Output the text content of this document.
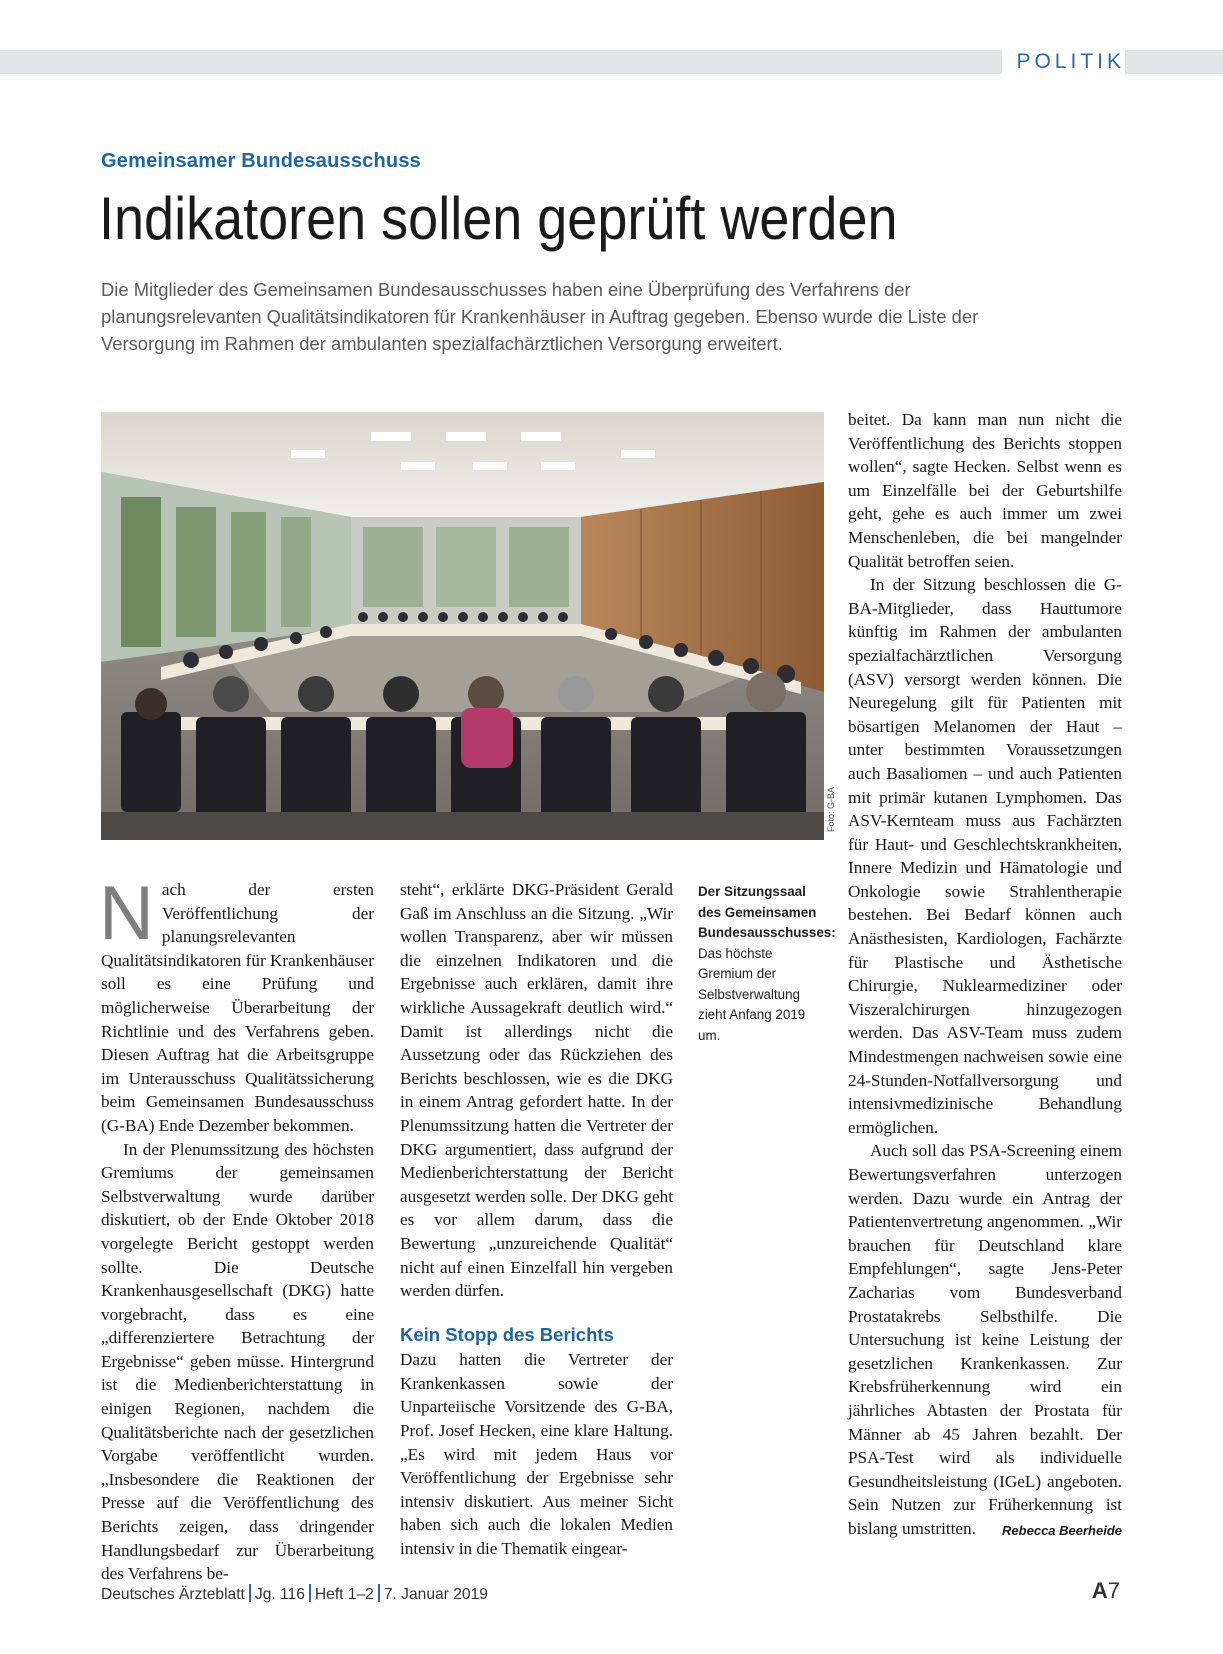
POLITIK
Gemeinsamer Bundesausschuss
Indikatoren sollen geprüft werden

Die Mitglieder des Gemeinsamen Bundesausschusses haben eine Überprüfung des Verfahrens der planungsrelevanten Qualitätsindikatoren für Krankenhäuser in Auftrag gegeben. Ebenso wurde die Liste der Versorgung im Rahmen der ambulanten spezialfachärztlichen Versorgung erweitert.

Foto: G-BA

N ach der ersten Veröffentlichung der planungsrelevanten Qualitätsindikatoren für Krankenhäuser soll es eine Prüfung und möglicherweise Überarbeitung der Richtlinie und des Verfahrens geben. Diesen Auftrag hat die Arbeitsgruppe im Unterausschuss Qualitätssicherung beim Gemeinsamen Bundesausschuss (G-BA) Ende Dezember bekommen.

In der Plenumssitzung des höchsten Gremiums der gemeinsamen Selbstverwaltung wurde darüber diskutiert, ob der Ende Oktober 2018 vorgelegte Bericht gestoppt werden sollte. Die Deutsche Krankenhausgesellschaft (DKG) hatte vorgebracht, dass es eine „differenziertere Betrachtung der Ergebnisse“ geben müsse. Hintergrund ist die Medienberichterstattung in einigen Regionen, nachdem die Qualitätsberichte nach der gesetzlichen Vorgabe veröffentlicht wurden. „Insbesondere die Reaktionen der Presse auf die Veröffentlichung des Berichts zeigen, dass dringender Handlungsbedarf zur Überarbeitung des Verfahrens be-

steht“, erklärte DKG-Präsident Gerald Gaß im Anschluss an die Sitzung. „Wir wollen Transparenz, aber wir müssen die einzelnen Indikatoren und die Ergebnisse auch erklären, damit ihre wirkliche Aussagekraft deutlich wird.“ Damit ist allerdings nicht die Aussetzung oder das Rückziehen des Berichts beschlossen, wie es die DKG in einem Antrag gefordert hatte. In der Plenumssitzung hatten die Vertreter der DKG argumentiert, dass aufgrund der Medienberichterstattung der Bericht ausgesetzt werden solle. Der DKG geht es vor allem darum, dass die Bewertung „unzureichende Qualität“ nicht auf einen Einzelfall hin vergeben werden dürfen.

Kein Stopp des Berichts

Dazu hatten die Vertreter der Krankenkassen sowie der Unparteiische Vorsitzende des G-BA, Prof. Josef Hecken, eine klare Haltung. „Es wird mit jedem Haus vor Veröffentlichung der Ergebnisse sehr intensiv diskutiert. Aus meiner Sicht haben sich auch die lokalen Medien intensiv in die Thematik eingear-

Der Sitzungssaal des Gemeinsamen Bundesausschusses: Das höchste Gremium der Selbstverwaltung zieht Anfang 2019 um.

beitet. Da kann man nun nicht die Veröffentlichung des Berichts stoppen wollen“, sagte Hecken. Selbst wenn es um Einzelfälle bei der Geburtshilfe geht, gehe es auch immer um zwei Menschenleben, die bei mangelnder Qualität betroffen seien.

In der Sitzung beschlossen die G-BA-Mitglieder, dass Hauttumore künftig im Rahmen der ambulanten spezialfachärztlichen Versorgung (ASV) versorgt werden können. Die Neuregelung gilt für Patienten mit bösartigen Melanomen der Haut – unter bestimmten Voraussetzungen auch Basaliomen – und auch Patienten mit primär kutanen Lymphomen. Das ASV-Kernteam muss aus Fachärzten für Haut- und Geschlechtskrankheiten, Innere Medizin und Hämatologie und Onkologie sowie Strahlentherapie bestehen. Bei Bedarf können auch Anästhesisten, Kardiologen, Fachärzte für Plastische und Ästhetische Chirurgie, Nuklearmediziner oder Viszeralchirurgen hinzugezogen werden. Das ASV-Team muss zudem Mindestmengen nachweisen sowie eine 24-Stunden-Notfallversorgung und intensivmedizinische Behandlung ermöglichen.

Auch soll das PSA-Screening einem Bewertungsverfahren unterzogen werden. Dazu wurde ein Antrag der Patientenvertretung angenommen. „Wir brauchen für Deutschland klare Empfehlungen“, sagte Jens-Peter Zacharias vom Bundesverband Prostatakrebs Selbsthilfe. Die Untersuchung ist keine Leistung der gesetzlichen Krankenkassen. Zur Krebsfrüherkennung wird ein jährliches Abtasten der Prostata für Männer ab 45 Jahren bezahlt. Der PSA-Test wird als individuelle Gesundheitsleistung (IGeL) angeboten. Sein Nutzen zur Früherkennung ist bislang umstritten.	Rebecca Beerheide

Deutsches Ärzteblatt Jg. 116 Heft 1–2 7. Januar 2019	A7
